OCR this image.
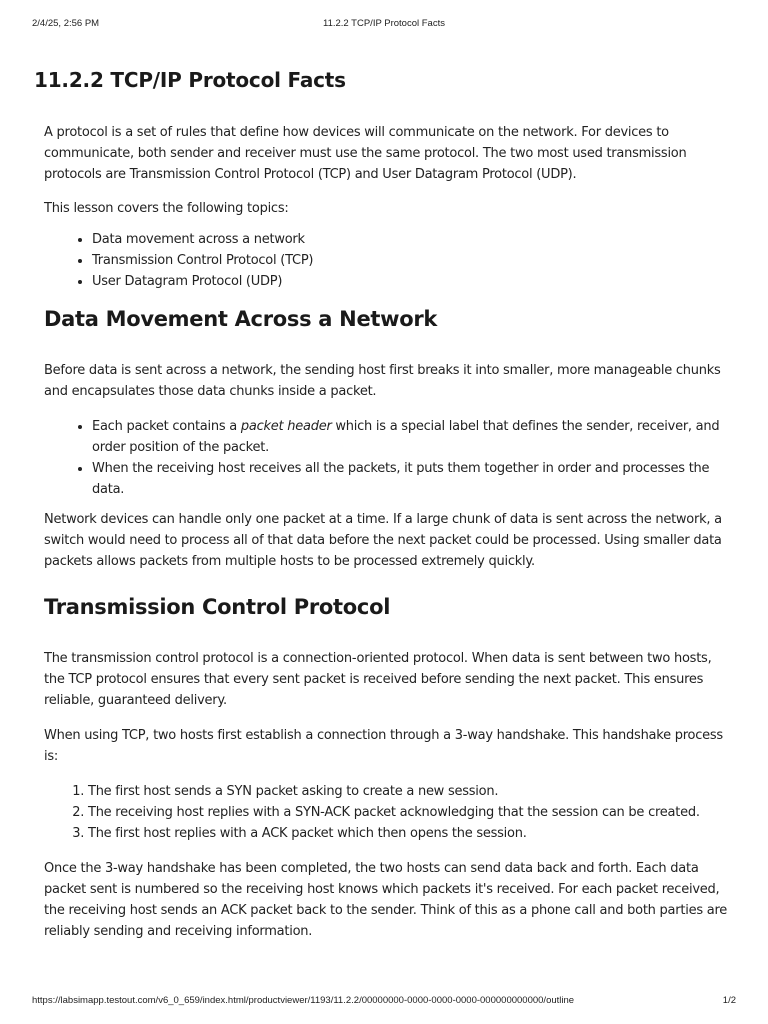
2/4/25, 2:56 PM	11.2.2 TCP/IP Protocol Facts
11.2.2 TCP/IP Protocol Facts

A protocol is a set of rules that define how devices will communicate on the network. For devices to communicate, both sender and receiver must use the same protocol. The two most used transmission protocols are Transmission Control Protocol (TCP) and User Datagram Protocol (UDP).

This lesson covers the following topics:

• Data movement across a network
• Transmission Control Protocol (TCP)
• User Datagram Protocol (UDP)
Data Movement Across a Network

Before data is sent across a network, the sending host first breaks it into smaller, more manageable chunks and encapsulates those data chunks inside a packet.

• Each packet contains a packet header which is a special label that defines the sender, receiver, and order position of the packet.
• When the receiving host receives all the packets, it puts them together in order and processes the data.

Network devices can handle only one packet at a time. If a large chunk of data is sent across the network, a switch would need to process all of that data before the next packet could be processed. Using smaller data packets allows packets from multiple hosts to be processed extremely quickly.

Transmission Control Protocol

The transmission control protocol is a connection-oriented protocol. When data is sent between two hosts, the TCP protocol ensures that every sent packet is received before sending the next packet. This ensures reliable, guaranteed delivery.

When using TCP, two hosts first establish a connection through a 3-way handshake. This handshake process is:

1. The first host sends a SYN packet asking to create a new session.
2. The receiving host replies with a SYN-ACK packet acknowledging that the session can be created.
3. The first host replies with a ACK packet which then opens the session.

Once the 3-way handshake has been completed, the two hosts can send data back and forth. Each data packet sent is numbered so the receiving host knows which packets it's received. For each packet received, the receiving host sends an ACK packet back to the sender. Think of this as a phone call and both parties are reliably sending and receiving information.

https://labsimapp.testout.com/v6_0_659/index.html/productviewer/1193/11.2.2/00000000-0000-0000-0000-000000000000/outline	1/2
